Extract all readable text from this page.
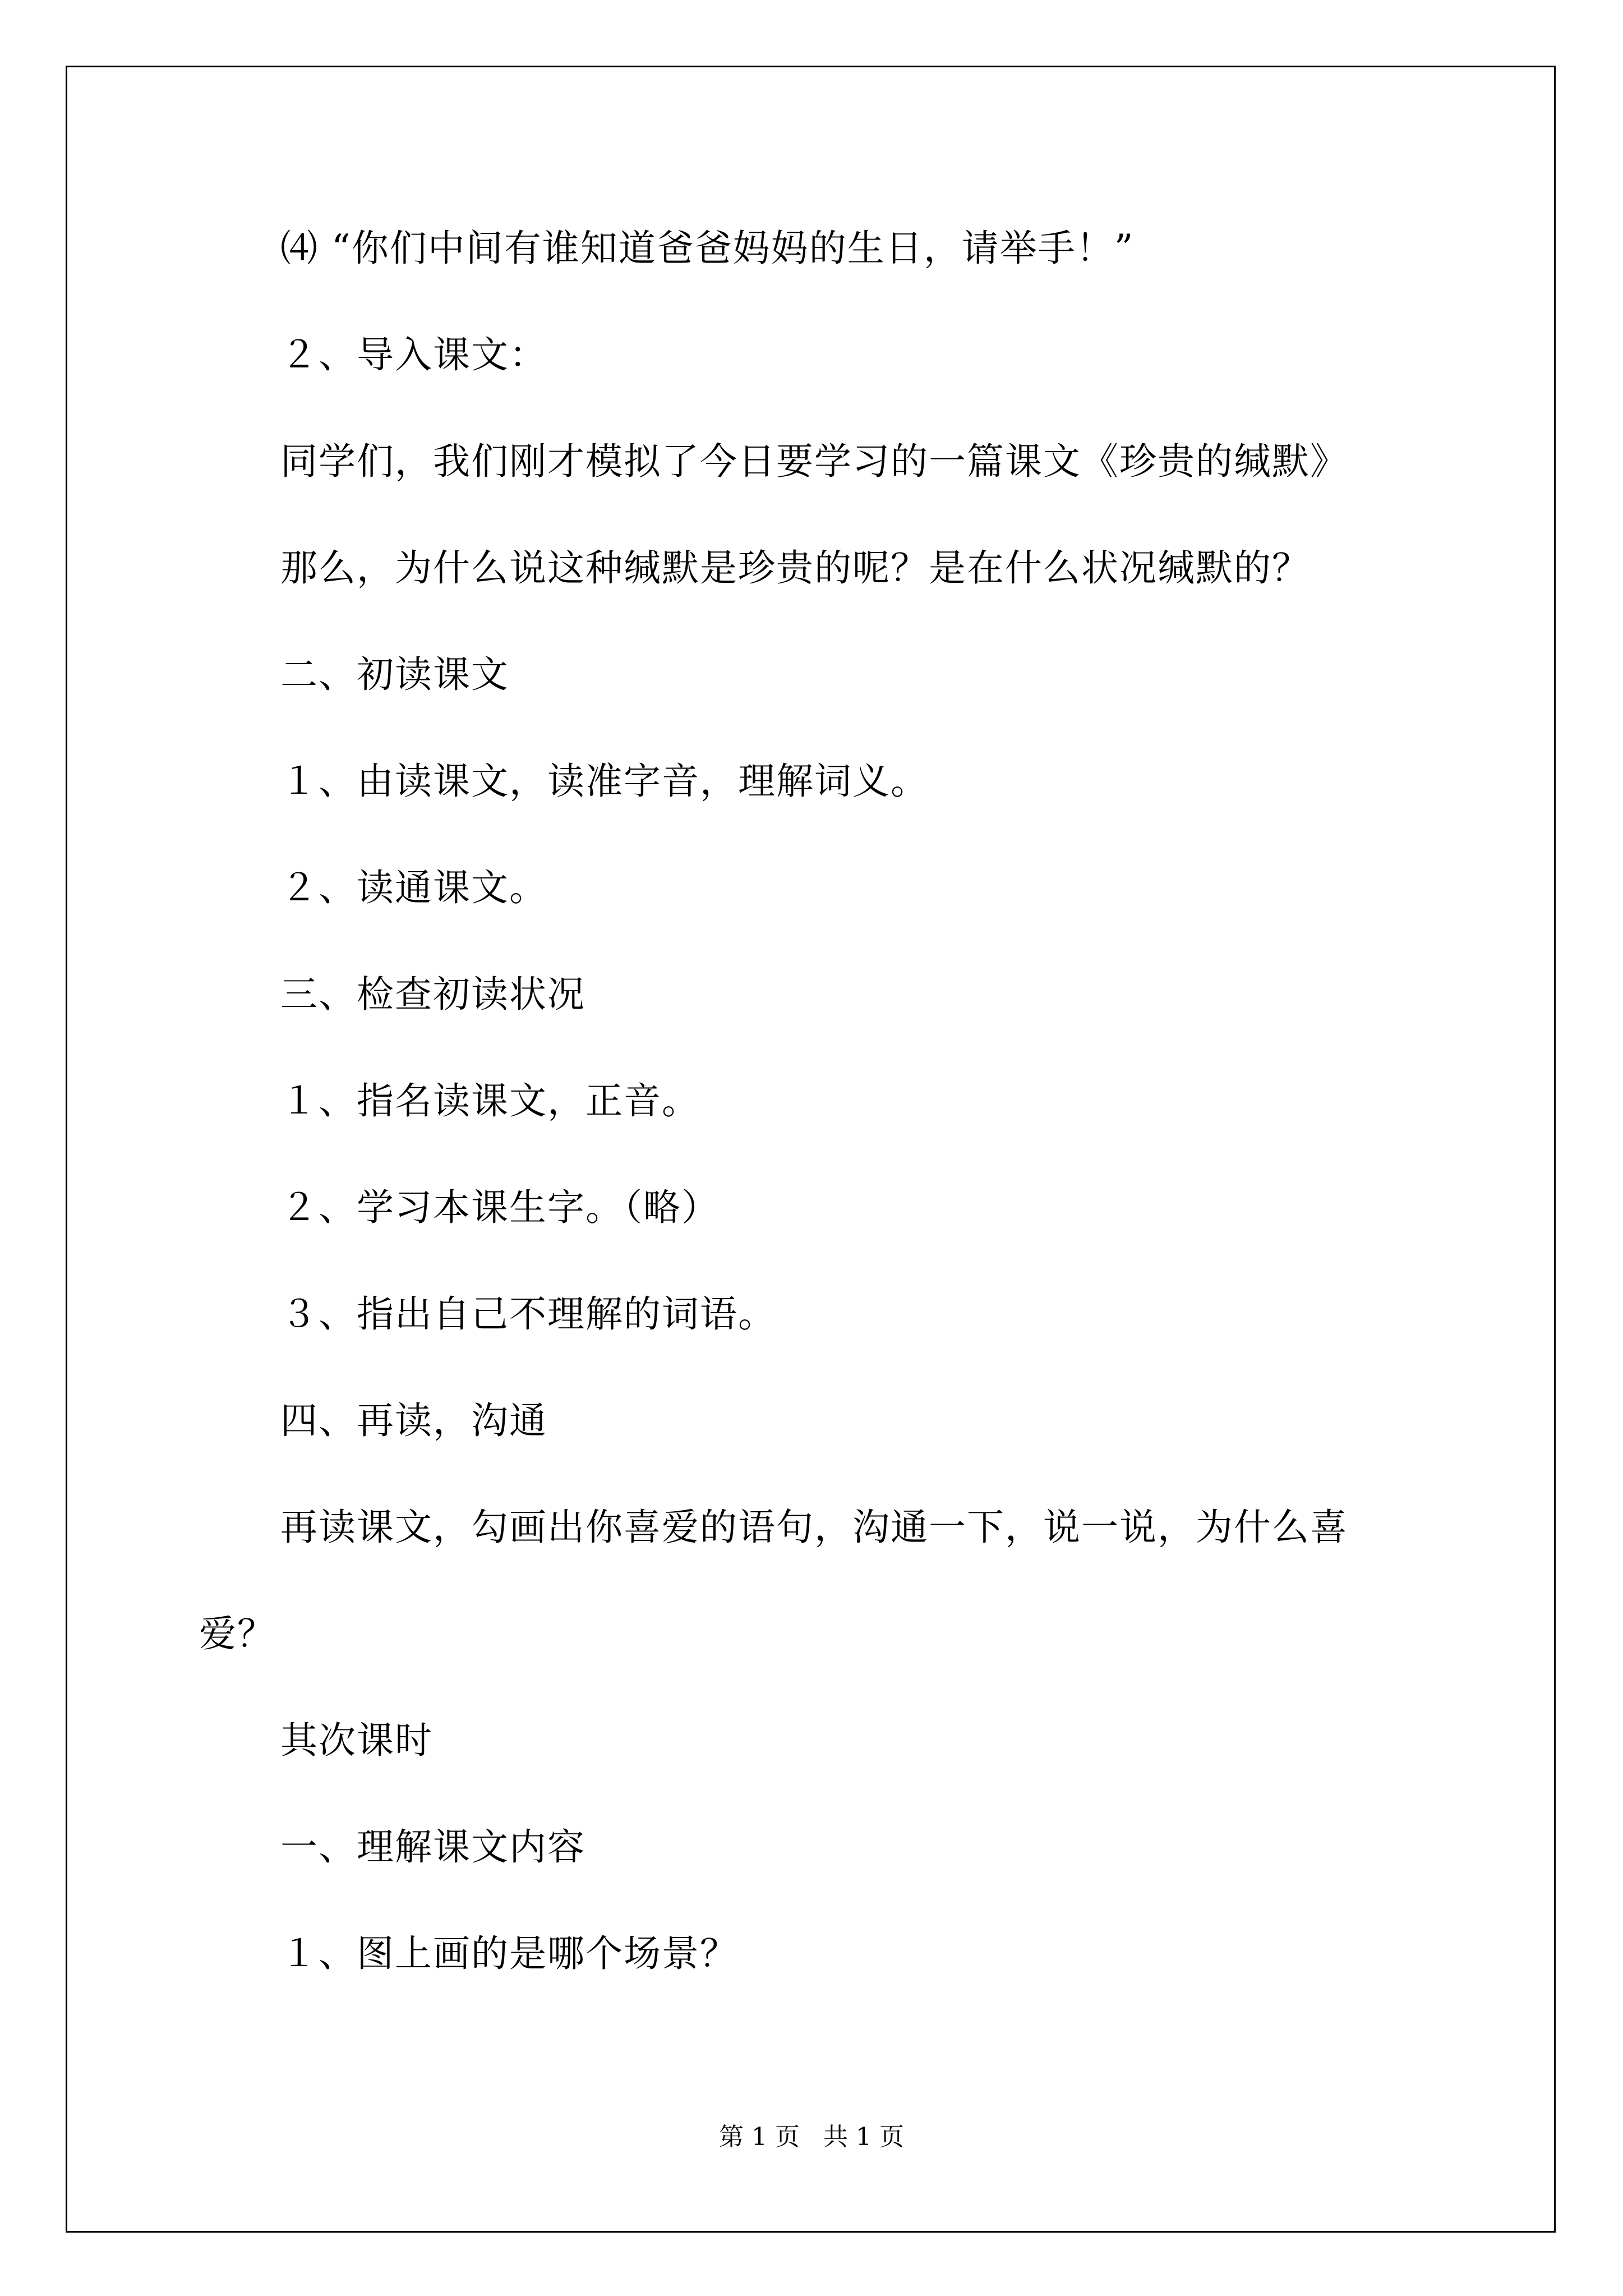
⑷ “你们中间有谁知道爸爸妈妈的生日，请举手！”
２、导入课文：
同学们，我们刚才模拟了今日要学习的一篇课文《珍贵的缄默》
那么，为什么说这种缄默是珍贵的呢？是在什么状况缄默的？
二、初读课文
１、由读课文，读准字音，理解词义。
２、读通课文。
三、检查初读状况
１、指名读课文，正音。
２、学习本课生字。（略）
３、指出自己不理解的词语。
四、再读，沟通
再读课文，勾画出你喜爱的语句，沟通一下，说一说，为什么喜
爱？
其次课时
一、理解课文内容
１、图上画的是哪个场景？
第 1 页   共 1 页
